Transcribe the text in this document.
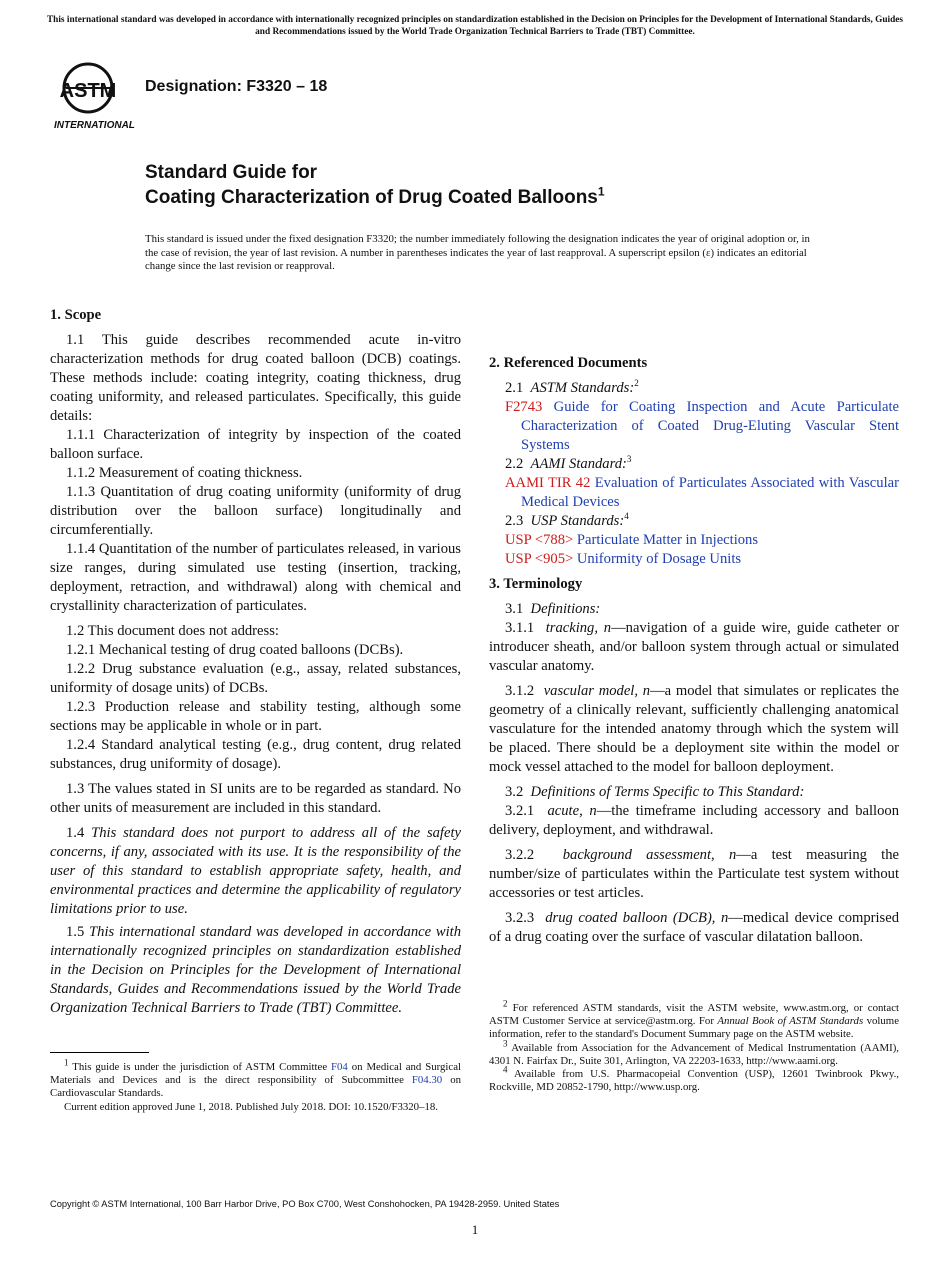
This international standard was developed in accordance with internationally recognized principles on standardization established in the Decision on Principles for the Development of International Standards, Guides and Recommendations issued by the World Trade Organization Technical Barriers to Trade (TBT) Committee.
ASTM
INTERNATIONAL
Designation: F3320 – 18
Standard Guide for
Coating Characterization of Drug Coated Balloons$^1$
This standard is issued under the fixed designation F3320; the number immediately following the designation indicates the year of original adoption or, in the case of revision, the year of last revision. A number in parentheses indicates the year of last reapproval. A superscript epsilon (ε) indicates an editorial change since the last revision or reapproval.

1. Scope

1.1 This guide describes recommended acute in-vitro characterization methods for drug coated balloon (DCB) coatings. These methods include: coating integrity, coating thickness, drug coating uniformity, and released particulates. Specifically, this guide details:

1.1.1 Characterization of integrity by inspection of the coated balloon surface.

1.1.2 Measurement of coating thickness.

1.1.3 Quantitation of drug coating uniformity (uniformity of drug distribution over the balloon surface) longitudinally and circumferentially.

1.1.4 Quantitation of the number of particulates released, in various size ranges, during simulated use testing (insertion, tracking, deployment, retraction, and withdrawal) along with chemical and crystallinity characterization of particulates.

1.2 This document does not address:

1.2.1 Mechanical testing of drug coated balloons (DCBs).

1.2.2 Drug substance evaluation (e.g., assay, related substances, uniformity of dosage units) of DCBs.

1.2.3 Production release and stability testing, although some sections may be applicable in whole or in part.

1.2.4 Standard analytical testing (e.g., drug content, drug related substances, drug uniformity of dosage).

1.3 The values stated in SI units are to be regarded as standard. No other units of measurement are included in this standard.

1.4 This standard does not purport to address all of the safety concerns, if any, associated with its use. It is the responsibility of the user of this standard to establish appropriate safety, health, and environmental practices and determine the applicability of regulatory limitations prior to use.

1.5 This international standard was developed in accordance with internationally recognized principles on standardization established in the Decision on Principles for the Development of International Standards, Guides and Recommendations issued by the World Trade Organization Technical Barriers to Trade (TBT) Committee.

2. Referenced Documents

2.1 ASTM Standards:$^2$

F2743 Guide for Coating Inspection and Acute Particulate Characterization of Coated Drug-Eluting Vascular Stent Systems

2.2 AAMI Standard:$^3$

AAMI TIR 42 Evaluation of Particulates Associated with Vascular Medical Devices

2.3 USP Standards:$^4$

USP <788> Particulate Matter in Injections

USP <905> Uniformity of Dosage Units

3. Terminology

3.1 Definitions:

3.1.1 tracking, n—navigation of a guide wire, guide catheter or introducer sheath, and/or balloon system through actual or simulated vascular anatomy.

3.1.2 vascular model, n—a model that simulates or replicates the geometry of a clinically relevant, sufficiently challenging anatomical vasculature for the intended anatomy through which the system will be placed. There should be a deployment site within the model or mock vessel attached to the model for balloon deployment.

3.2 Definitions of Terms Specific to This Standard:

3.2.1 acute, n—the timeframe including accessory and balloon delivery, deployment, and withdrawal.

3.2.2 background assessment, n—a test measuring the number/size of particulates within the Particulate test system without accessories or test articles.

3.2.3 drug coated balloon (DCB), n—medical device comprised of a drug coating over the surface of vascular dilatation balloon.

$^1$ This guide is under the jurisdiction of ASTM Committee F04 on Medical and Surgical Materials and Devices and is the direct responsibility of Subcommittee F04.30 on Cardiovascular Standards.

Current edition approved June 1, 2018. Published July 2018. DOI: 10.1520/F3320–18.

$^2$ For referenced ASTM standards, visit the ASTM website, www.astm.org, or contact ASTM Customer Service at service@astm.org. For Annual Book of ASTM Standards volume information, refer to the standard's Document Summary page on the ASTM website.

$^3$ Available from Association for the Advancement of Medical Instrumentation (AAMI), 4301 N. Fairfax Dr., Suite 301, Arlington, VA 22203-1633, http://www.aami.org.

$^4$ Available from U.S. Pharmacopeial Convention (USP), 12601 Twinbrook Pkwy., Rockville, MD 20852-1790, http://www.usp.org.

Copyright © ASTM International, 100 Barr Harbor Drive, PO Box C700, West Conshohocken, PA 19428-2959. United States
1
